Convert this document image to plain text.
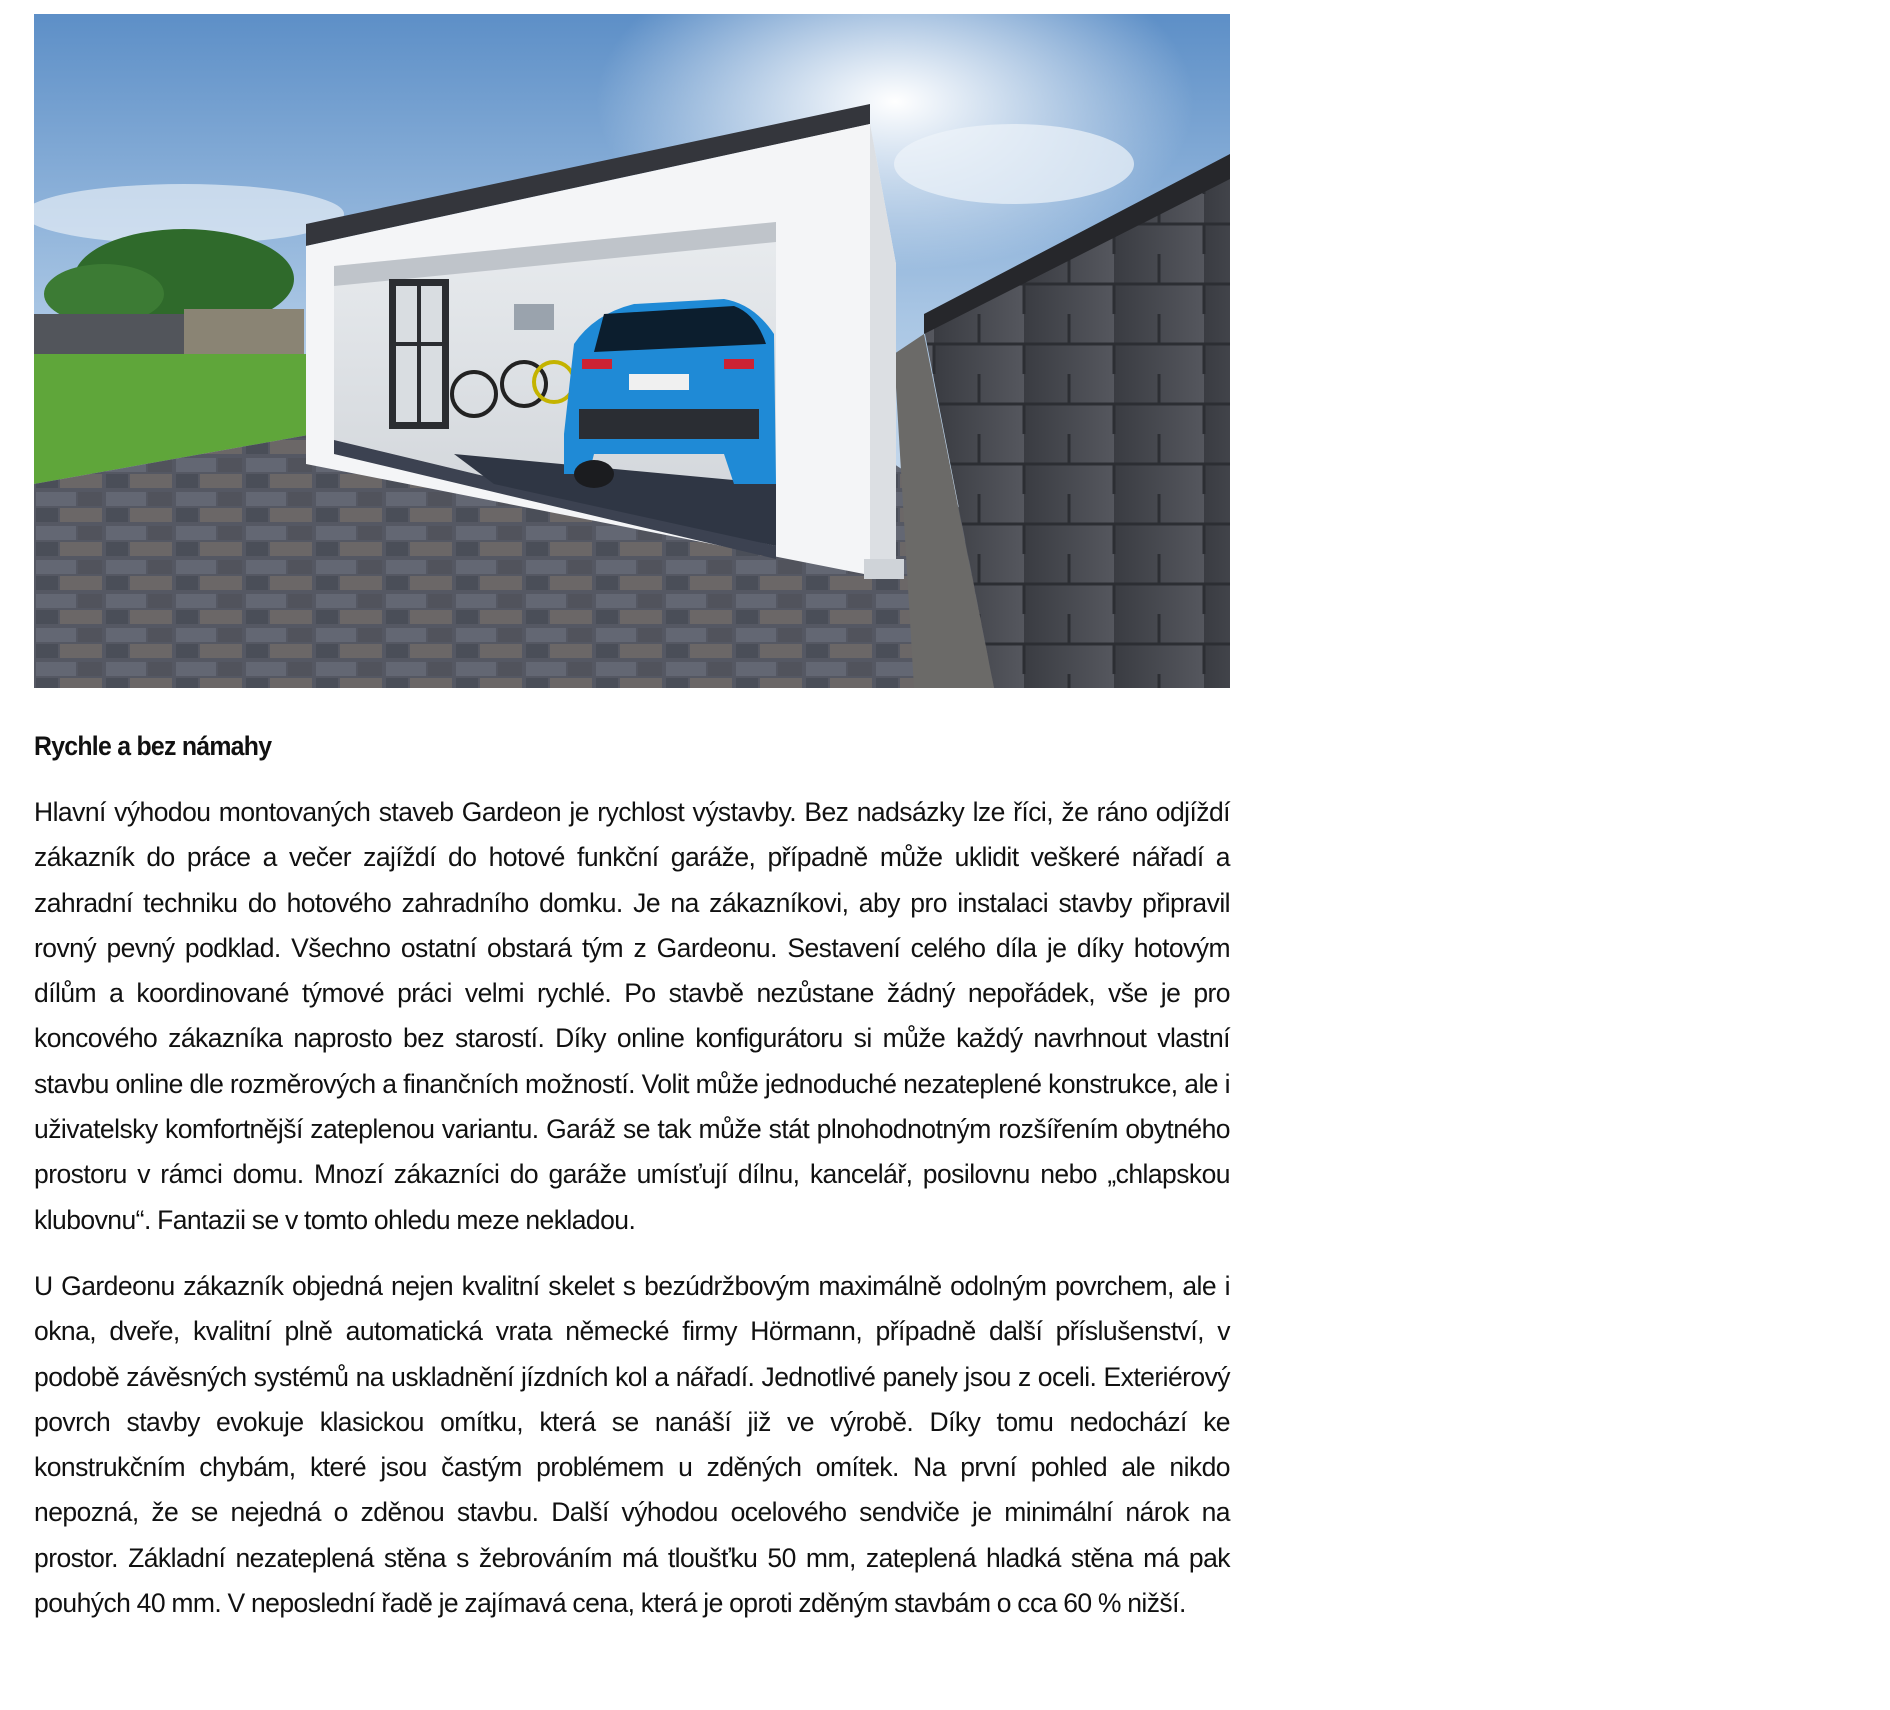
Rychle a bez námahy

Hlavní výhodou montovaných staveb Gardeon je rychlost výstavby. Bez nadsázky lze říci, že ráno odjíždí zákazník do práce a večer zajíždí do hotové funkční garáže, případně může uklidit veškeré nářadí a zahradní techniku do hotového zahradního domku. Je na zákazníkovi, aby pro instalaci stavby připravil rovný pevný podklad. Všechno ostatní obstará tým z Gardeonu. Sestavení celého díla je díky hotovým dílům a koordinované týmové práci velmi rychlé. Po stavbě nezůstane žádný nepořádek, vše je pro koncového zákazníka naprosto bez starostí. Díky online konfigurátoru si může každý navrhnout vlastní stavbu online dle rozměrových a finančních možností. Volit může jednoduché nezateplené konstrukce, ale i uživatelsky komfortnější zateplenou variantu. Garáž se tak může stát plnohodnotným rozšířením obytného prostoru v rámci domu. Mnozí zákazníci do garáže umísťují dílnu, kancelář, posilovnu nebo „chlapskou klubovnu“. Fantazii se v tomto ohledu meze nekladou.

U Gardeonu zákazník objedná nejen kvalitní skelet s bezúdržbovým maximálně odolným povrchem, ale i okna, dveře, kvalitní plně automatická vrata německé firmy Hörmann, případně další příslušenství, v podobě závěsných systémů na uskladnění jízdních kol a nářadí. Jednotlivé panely jsou z oceli. Exteriérový povrch stavby evokuje klasickou omítku, která se nanáší již ve výrobě. Díky tomu nedochází ke konstrukčním chybám, které jsou častým problémem u zděných omítek. Na první pohled ale nikdo nepozná, že se nejedná o zděnou stavbu. Další výhodou ocelového sendviče je minimální nárok na prostor. Základní nezateplená stěna s žebrováním má tloušťku 50 mm, zateplená hladká stěna má pak pouhých 40 mm. V neposlední řadě je zajímavá cena, která je oproti zděným stavbám o cca 60 % nižší.
